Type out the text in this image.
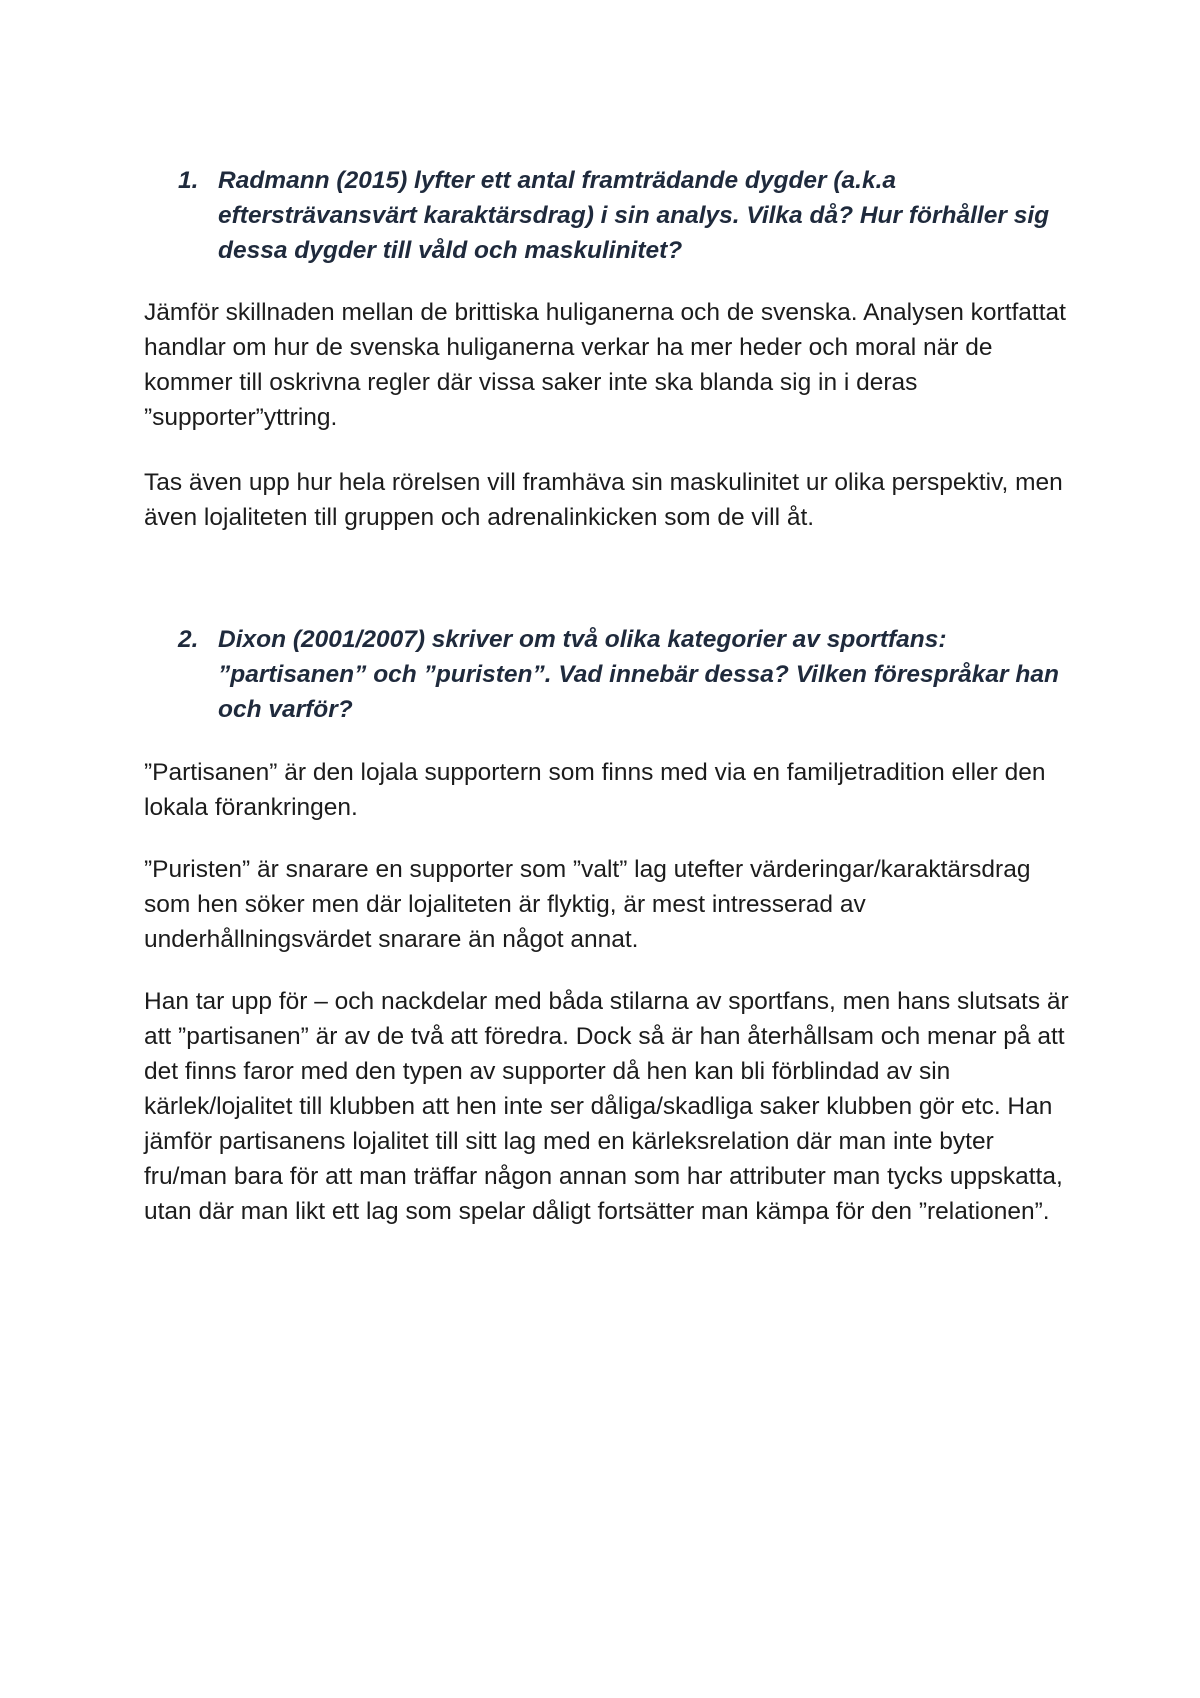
1. Radmann (2015) lyfter ett antal framträdande dygder (a.k.a eftersträvansvärt karaktärsdrag) i sin analys. Vilka då? Hur förhåller sig dessa dygder till våld och maskulinitet?
Jämför skillnaden mellan de brittiska huliganerna och de svenska. Analysen kortfattat handlar om hur de svenska huliganerna verkar ha mer heder och moral när de kommer till oskrivna regler där vissa saker inte ska blanda sig in i deras ”supporter”yttring.
Tas även upp hur hela rörelsen vill framhäva sin maskulinitet ur olika perspektiv, men även lojaliteten till gruppen och adrenalinkicken som de vill åt.
2. Dixon (2001/2007) skriver om två olika kategorier av sportfans: ”partisanen” och ”puristen”. Vad innebär dessa? Vilken förespråkar han och varför?
”Partisanen” är den lojala supportern som finns med via en familjetradition eller den lokala förankringen.
”Puristen” är snarare en supporter som ”valt” lag utefter värderingar/karaktärsdrag som hen söker men där lojaliteten är flyktig, är mest intresserad av underhållningsvärdet snarare än något annat.
Han tar upp för – och nackdelar med båda stilarna av sportfans, men hans slutsats är att ”partisanen” är av de två att föredra. Dock så är han återhållsam och menar på att det finns faror med den typen av supporter då hen kan bli förblindad av sin kärlek/lojalitet till klubben att hen inte ser dåliga/skadliga saker klubben gör etc. Han jämför partisanens lojalitet till sitt lag med en kärleksrelation där man inte byter fru/man bara för att man träffar någon annan som har attributer man tycks uppskatta, utan där man likt ett lag som spelar dåligt fortsätter man kämpa för den ”relationen”.
